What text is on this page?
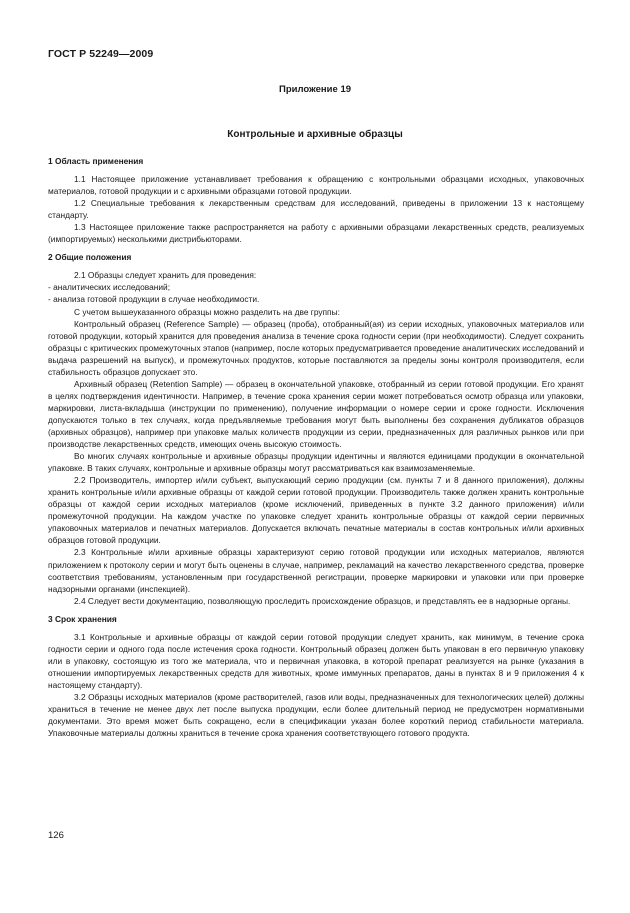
ГОСТ Р 52249—2009
Приложение 19
Контрольные и архивные образцы
1 Область применения

1.1 Настоящее приложение устанавливает требования к обращению с контрольными образцами исходных, упаковочных материалов, готовой продукции и с архивными образцами готовой продукции.

1.2 Специальные требования к лекарственным средствам для исследований, приведены в приложении 13 к настоящему стандарту.

1.3 Настоящее приложение также распространяется на работу с архивными образцами лекарственных средств, реализуемых (импортируемых) несколькими дистрибьюторами.

2 Общие положения

2.1 Образцы следует хранить для проведения:

- аналитических исследований;

- анализа готовой продукции в случае необходимости.

С учетом вышеуказанного образцы можно разделить на две группы:

Контрольный образец (Reference Sample) — образец (проба), отобранный(ая) из серии исходных, упаковочных материалов или готовой продукции, который хранится для проведения анализа в течение срока годности серии (при необходимости). Следует сохранить образцы с критических промежуточных этапов (например, после которых предусматривается проведение аналитических исследований и выдача разрешений на выпуск), и промежуточных продуктов, которые поставляются за пределы зоны контроля производителя, если стабильность образцов допускает это.

Архивный образец (Retention Sample) — образец в окончательной упаковке, отобранный из серии готовой продукции. Его хранят в целях подтверждения идентичности. Например, в течение срока хранения серии может потребоваться осмотр образца или упаковки, маркировки, листа-вкладыша (инструкции по применению), получение информации о номере серии и сроке годности. Исключения допускаются только в тех случаях, когда предъявляемые требования могут быть выполнены без сохранения дубликатов образцов (архивных образцов), например при упаковке малых количеств продукции из серии, предназначенных для различных рынков или при производстве лекарственных средств, имеющих очень высокую стоимость.

Во многих случаях контрольные и архивные образцы продукции идентичны и являются единицами продукции в окончательной упаковке. В таких случаях, контрольные и архивные образцы могут рассматриваться как взаимозаменяемые.

2.2 Производитель, импортер и/или субъект, выпускающий серию продукции (см. пункты 7 и 8 данного приложения), должны хранить контрольные и/или архивные образцы от каждой серии готовой продукции. Производитель также должен хранить контрольные образцы от каждой серии исходных материалов (кроме исключений, приведенных в пункте 3.2 данного приложения) и/или промежуточной продукции. На каждом участке по упаковке следует хранить контрольные образцы от каждой серии первичных упаковочных материалов и печатных материалов. Допускается включать печатные материалы в состав контрольных и/или архивных образцов готовой продукции.

2.3 Контрольные и/или архивные образцы характеризуют серию готовой продукции или исходных материалов, являются приложением к протоколу серии и могут быть оценены в случае, например, рекламаций на качество лекарственного средства, проверке соответствия требованиям, установленным при государственной регистрации, проверке маркировки и упаковки или при проверке надзорными органами (инспекцией).

2.4 Следует вести документацию, позволяющую проследить происхождение образцов, и представлять ее в надзорные органы.

3 Срок хранения

3.1 Контрольные и архивные образцы от каждой серии готовой продукции следует хранить, как минимум, в течение срока годности серии и одного года после истечения срока годности. Контрольный образец должен быть упакован в его первичную упаковку или в упаковку, состоящую из того же материала, что и первичная упаковка, в которой препарат реализуется на рынке (указания в отношении импортируемых лекарственных средств для животных, кроме иммунных препаратов, даны в пунктах 8 и 9 приложения 4 к настоящему стандарту).

3.2 Образцы исходных материалов (кроме растворителей, газов или воды, предназначенных для технологических целей) должны храниться в течение не менее двух лет после выпуска продукции, если более длительный период не предусмотрен нормативными документами. Это время может быть сокращено, если в спецификации указан более короткий период стабильности материала. Упаковочные материалы должны храниться в течение срока хранения соответствующего готового продукта.

126
